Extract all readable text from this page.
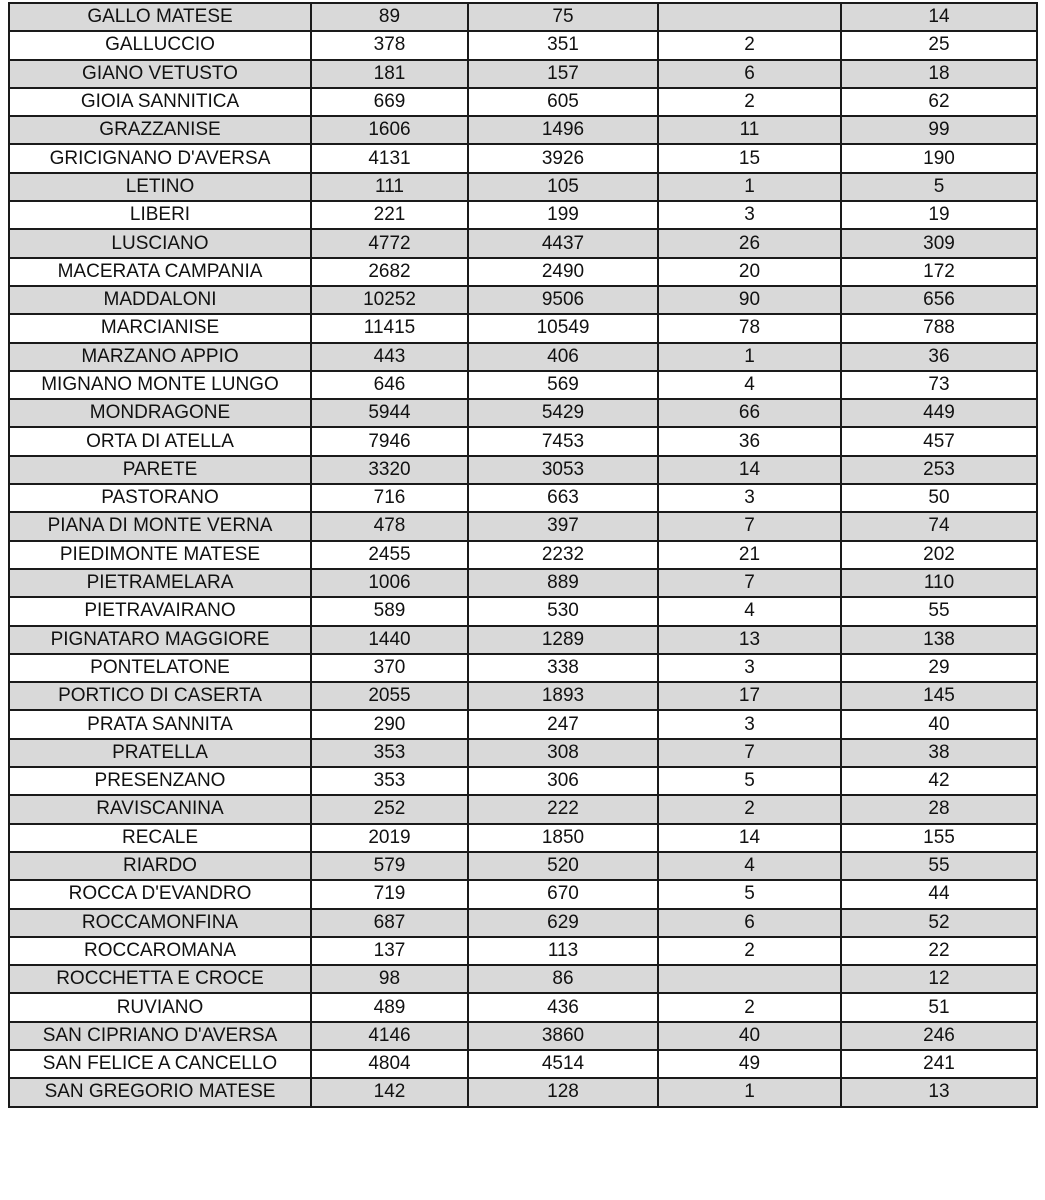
GALLO MATESE	89	75		14
GALLUCCIO	378	351	2	25
GIANO VETUSTO	181	157	6	18
GIOIA SANNITICA	669	605	2	62
GRAZZANISE	1606	1496	11	99
GRICIGNANO D'AVERSA	4131	3926	15	190
LETINO	111	105	1	5
LIBERI	221	199	3	19
LUSCIANO	4772	4437	26	309
MACERATA CAMPANIA	2682	2490	20	172
MADDALONI	10252	9506	90	656
MARCIANISE	11415	10549	78	788
MARZANO APPIO	443	406	1	36
MIGNANO MONTE LUNGO	646	569	4	73
MONDRAGONE	5944	5429	66	449
ORTA DI ATELLA	7946	7453	36	457
PARETE	3320	3053	14	253
PASTORANO	716	663	3	50
PIANA DI MONTE VERNA	478	397	7	74
PIEDIMONTE MATESE	2455	2232	21	202
PIETRAMELARA	1006	889	7	110
PIETRAVAIRANO	589	530	4	55
PIGNATARO MAGGIORE	1440	1289	13	138
PONTELATONE	370	338	3	29
PORTICO DI CASERTA	2055	1893	17	145
PRATA SANNITA	290	247	3	40
PRATELLA	353	308	7	38
PRESENZANO	353	306	5	42
RAVISCANINA	252	222	2	28
RECALE	2019	1850	14	155
RIARDO	579	520	4	55
ROCCA D'EVANDRO	719	670	5	44
ROCCAMONFINA	687	629	6	52
ROCCAROMANA	137	113	2	22
ROCCHETTA E CROCE	98	86		12
RUVIANO	489	436	2	51
SAN CIPRIANO D'AVERSA	4146	3860	40	246
SAN FELICE A CANCELLO	4804	4514	49	241
SAN GREGORIO MATESE	142	128	1	13
